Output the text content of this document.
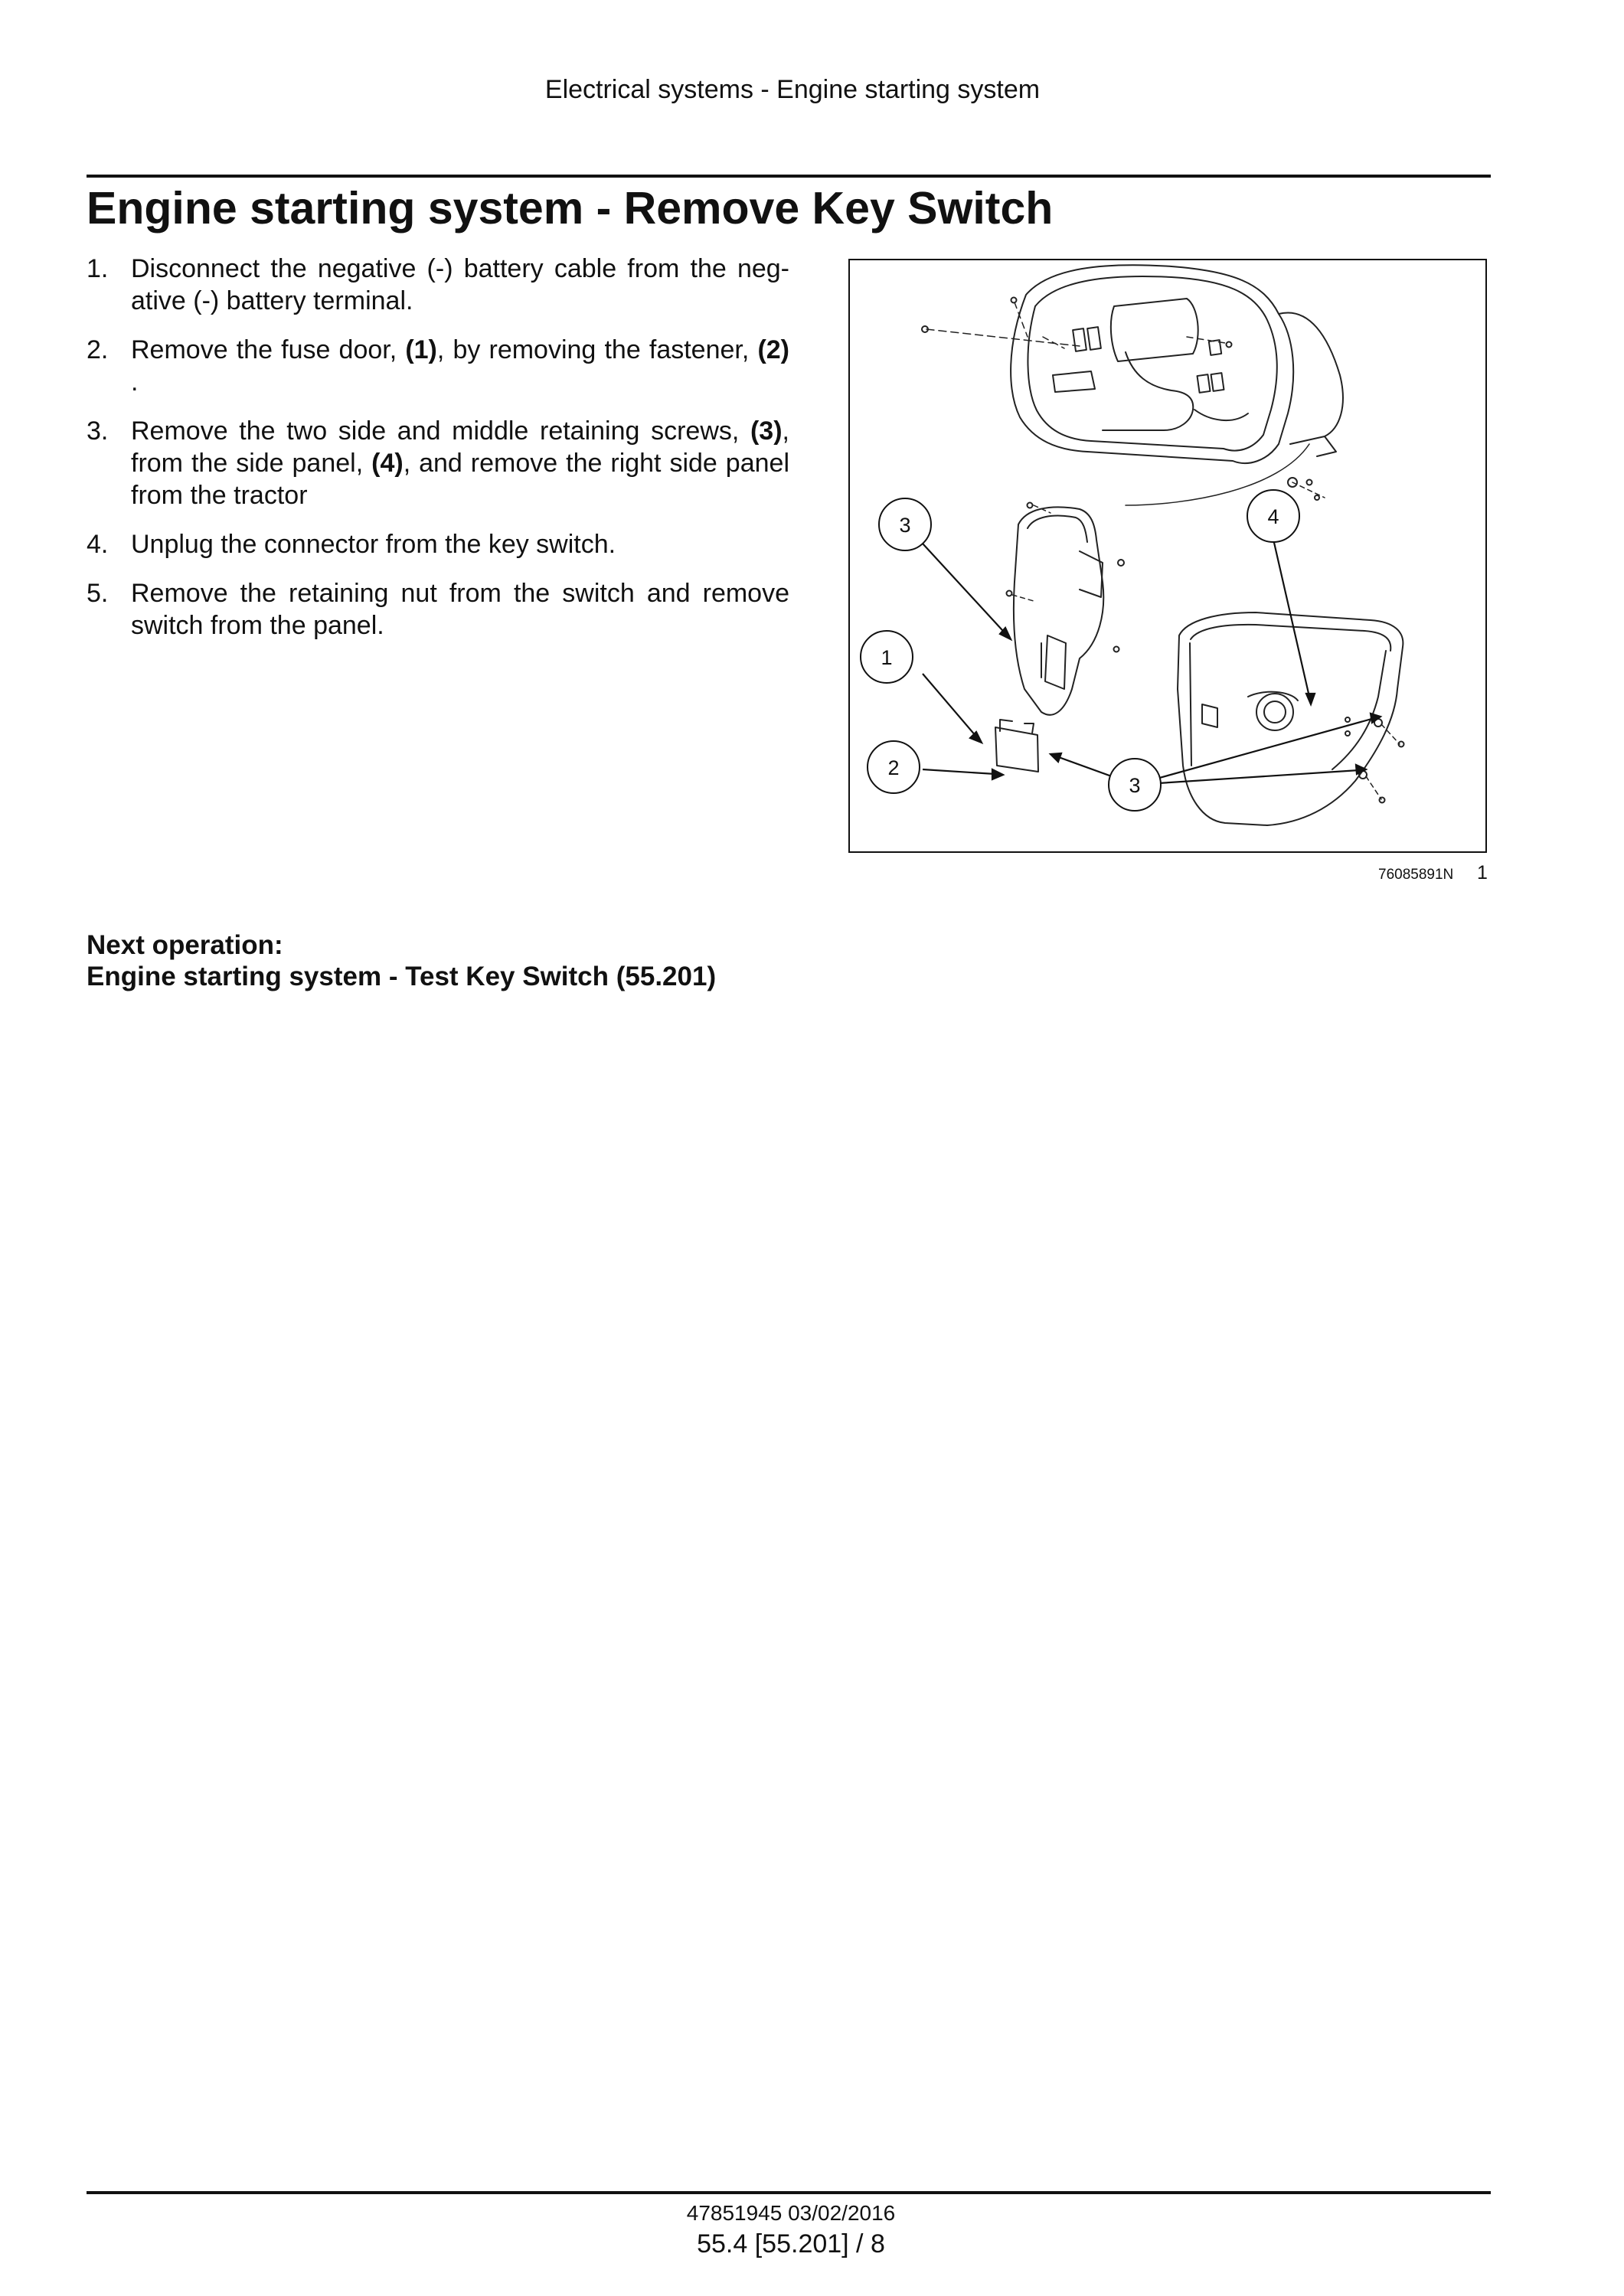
Electrical systems - Engine starting system
Engine starting system - Remove Key Switch
1. Disconnect the negative (-) battery cable from the neg-ative (-) battery terminal.
2. Remove the fuse door, (1), by removing the fastener, (2) .
3. Remove the two side and middle retaining screws, (3), from the side panel, (4), and remove the right side panel from the tractor
4. Unplug the connector from the key switch.
5. Remove the retaining nut from the switch and remove switch from the panel.
3	4
1
2
3
76085891N 1
Next operation:
Engine starting system - Test Key Switch (55.201)
47851945 03/02/2016
55.4 [55.201] / 8
